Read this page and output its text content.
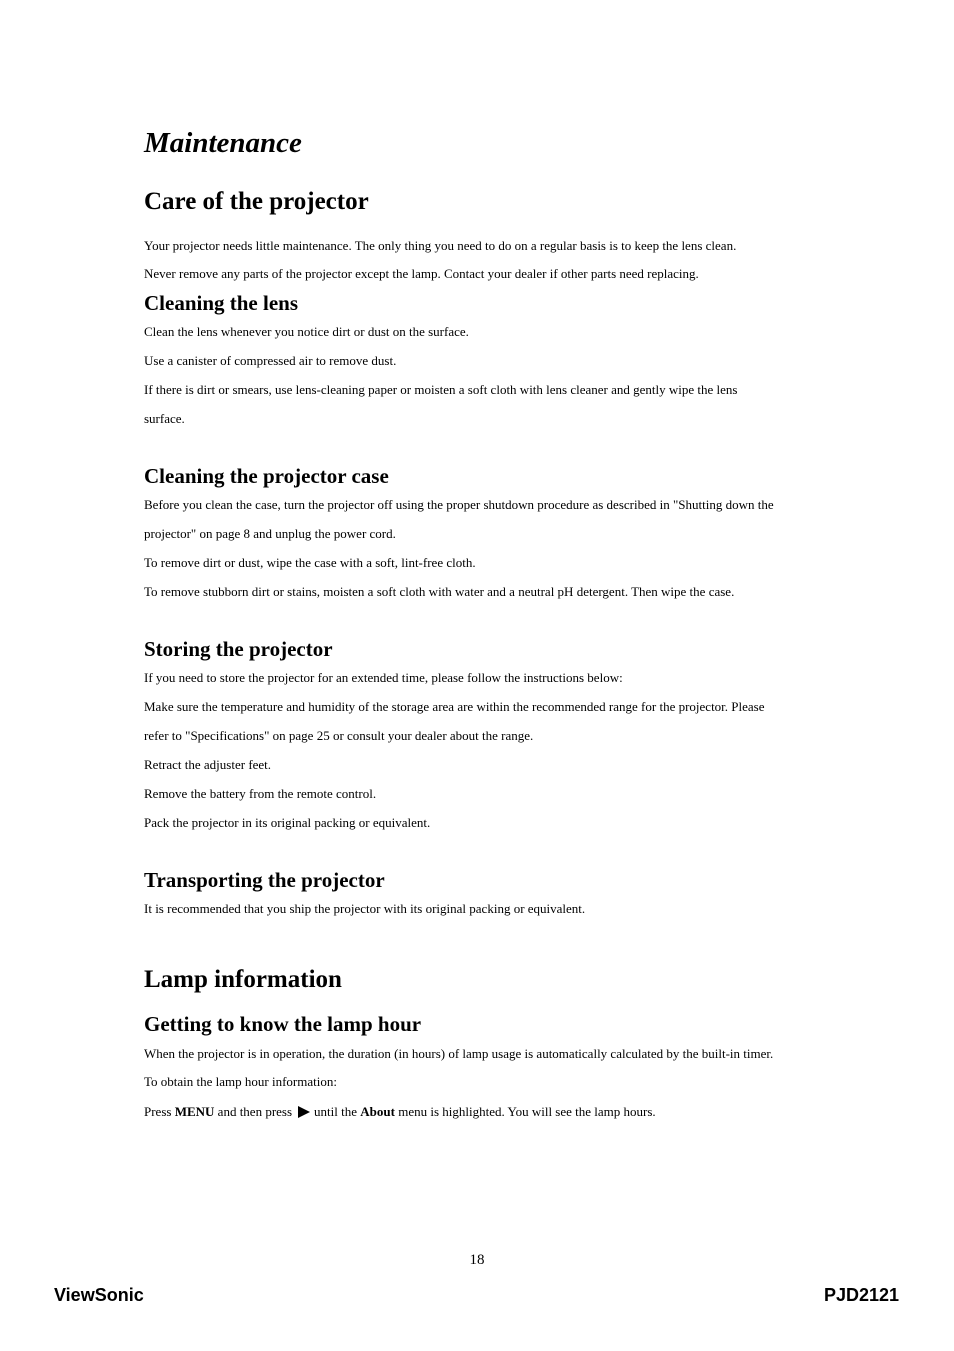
Maintenance
Care of the projector

Your projector needs little maintenance. The only thing you need to do on a regular basis is to keep the lens clean.

Never remove any parts of the projector except the lamp. Contact your dealer if other parts need replacing.

Cleaning the lens

Clean the lens whenever you notice dirt or dust on the surface.

Use a canister of compressed air to remove dust.

If there is dirt or smears, use lens-cleaning paper or moisten a soft cloth with lens cleaner and gently wipe the lens

surface.

Cleaning the projector case

Before you clean the case, turn the projector off using the proper shutdown procedure as described in "Shutting down the

projector" on page 8 and unplug the power cord.

To remove dirt or dust, wipe the case with a soft, lint-free cloth.

To remove stubborn dirt or stains, moisten a soft cloth with water and a neutral pH detergent. Then wipe the case.

Storing the projector

If you need to store the projector for an extended time, please follow the instructions below:

Make sure the temperature and humidity of the storage area are within the recommended range for the projector. Please

refer to "Specifications" on page 25 or consult your dealer about the range.

Retract the adjuster feet.

Remove the battery from the remote control.

Pack the projector in its original packing or equivalent.

Transporting the projector

It is recommended that you ship the projector with its original packing or equivalent.

Lamp information
Getting to know the lamp hour

When the projector is in operation, the duration (in hours) of lamp usage is automatically calculated by the built-in timer.

To obtain the lamp hour information:

Press MENU and then press until the About menu is highlighted. You will see the lamp hours.

18

ViewSonic	PJD2121
